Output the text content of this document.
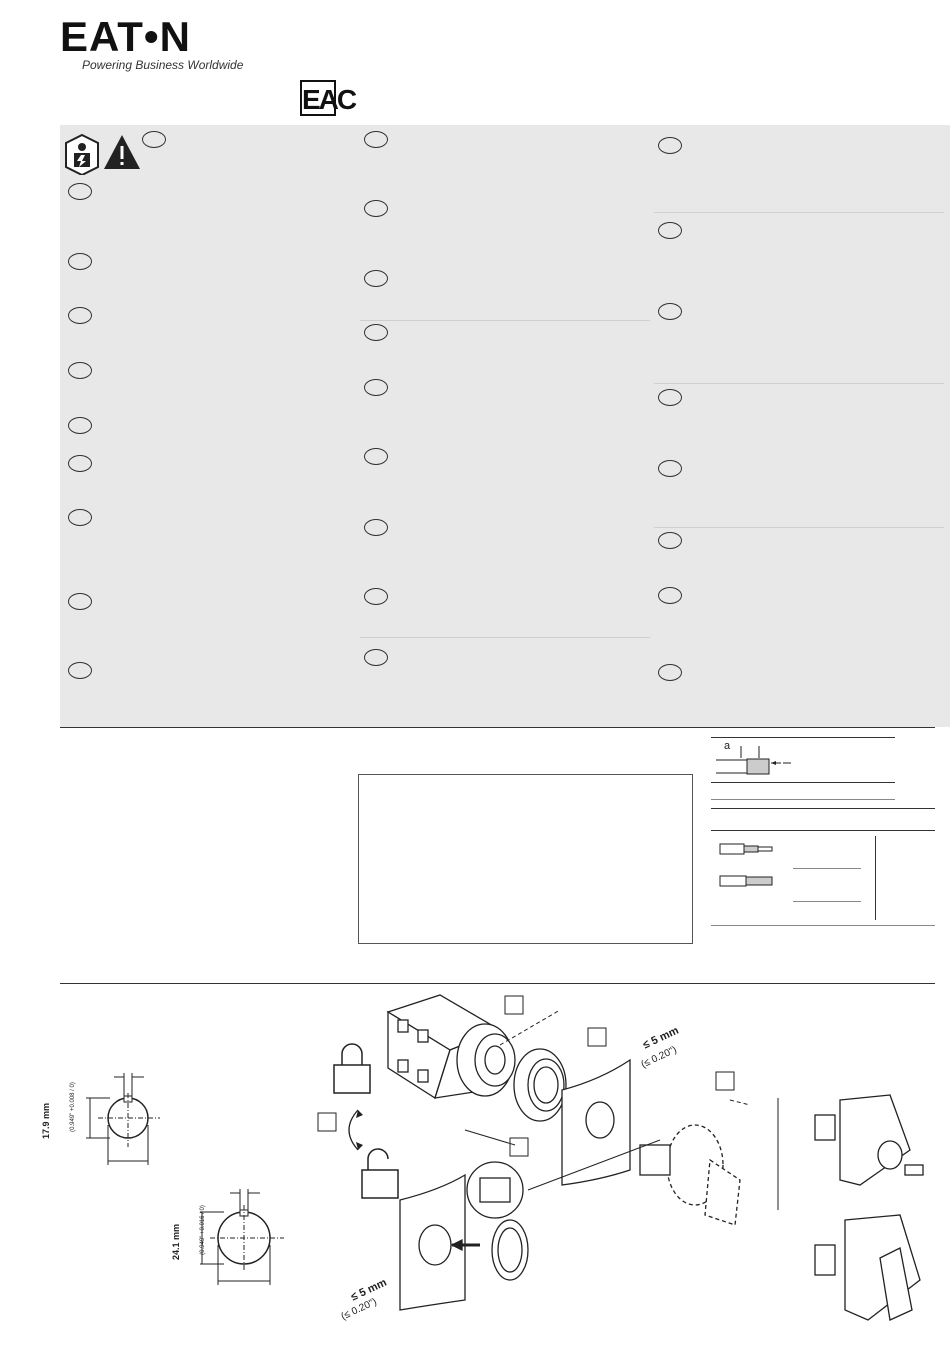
EAT•N
Powering Business Worldwide
EAC
a
17.9 mm	(0.949" +0.008 / 0)
24.1 mm	(0.949" +0.016 / 0)
≤ 5 mm
(≤ 0.20")
≤ 5 mm
(≤ 0.20")
